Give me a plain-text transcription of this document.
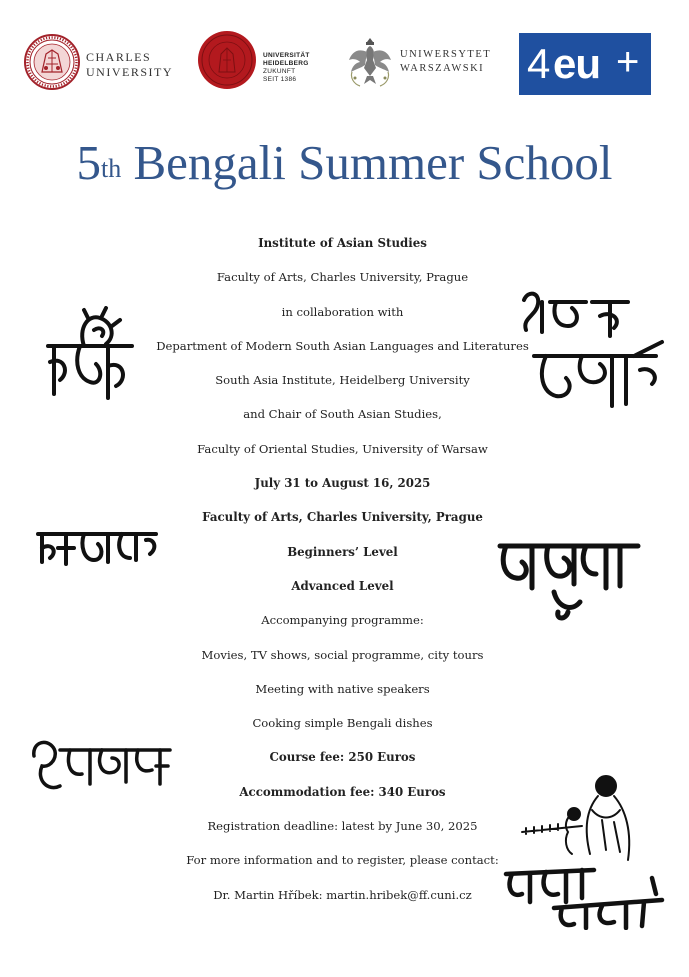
CHARLES
UNIVERSITY
UNIVERSITÄT
HEIDELBERG
ZUKUNFT
SEIT 1386
UNIWERSYTET
WARSZAWSKI 4 eu +
5th Bengali Summer School
Institute of Asian Studies
Faculty of Arts, Charles University, Prague
in collaboration with
Department of Modern South Asian Languages and Literatures
South Asia Institute, Heidelberg University
and Chair of South Asian Studies,
Faculty of Oriental Studies, University of Warsaw
July 31 to August 16, 2025
Faculty of Arts, Charles University, Prague
Beginners’ Level
Advanced Level
Accompanying programme:
Movies, TV shows, social programme, city tours
Meeting with native speakers
Cooking simple Bengali dishes
Course fee: 250 Euros
Accommodation fee: 340 Euros
Registration deadline: latest by June 30, 2025
For more information and to register, please contact:
Dr. Martin Hříbek: martin.hribek@ff.cuni.cz
